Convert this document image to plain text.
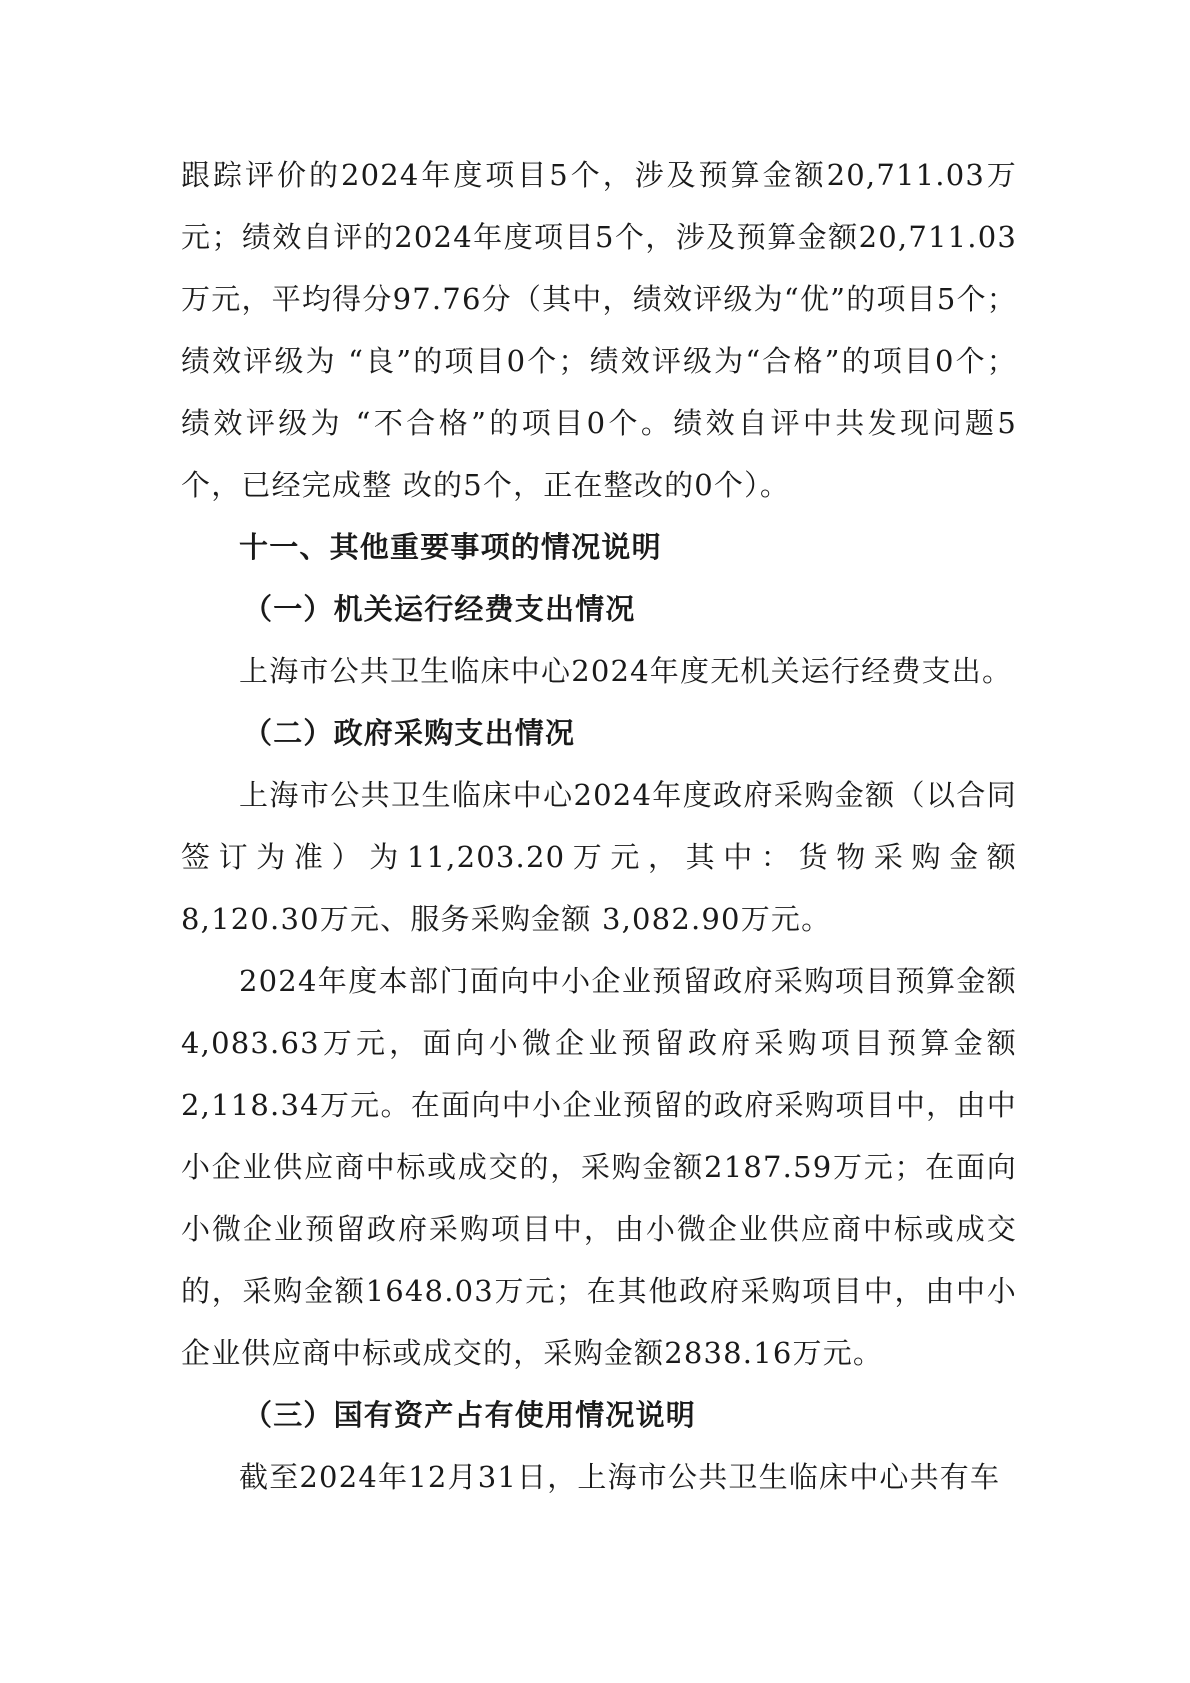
跟踪评价的2024年度项目5个，涉及预算金额20,711.03万元；绩效自评的2024年度项目5个，涉及预算金额20,711.03万元，平均得分97.76分（其中，绩效评级为“优”的项目5个；绩效评级为 “良”的项目0个；绩效评级为“合格”的项目0个；绩效评级为 “不合格”的项目0个。绩效自评中共发现问题5个，已经完成整 改的5个，正在整改的0个）。

十一、其他重要事项的情况说明
（一）机关运行经费支出情况

上海市公共卫生临床中心2024年度无机关运行经费支出。

（二）政府采购支出情况

上海市公共卫生临床中心2024年度政府采购金额（以合同签订为准）为11,203.20万元，其中：货物采购金额8,120.30万元、服务采购金额 3,082.90万元。

2024年度本部门面向中小企业预留政府采购项目预算金额4,083.63万元，面向小微企业预留政府采购项目预算金额2,118.34万元。在面向中小企业预留的政府采购项目中，由中小企业供应商中标或成交的，采购金额2187.59万元；在面向小微企业预留政府采购项目中，由小微企业供应商中标或成交的，采购金额1648.03万元；在其他政府采购项目中，由中小企业供应商中标或成交的，采购金额2838.16万元。

（三）国有资产占有使用情况说明

截至2024年12月31日，上海市公共卫生临床中心共有车
